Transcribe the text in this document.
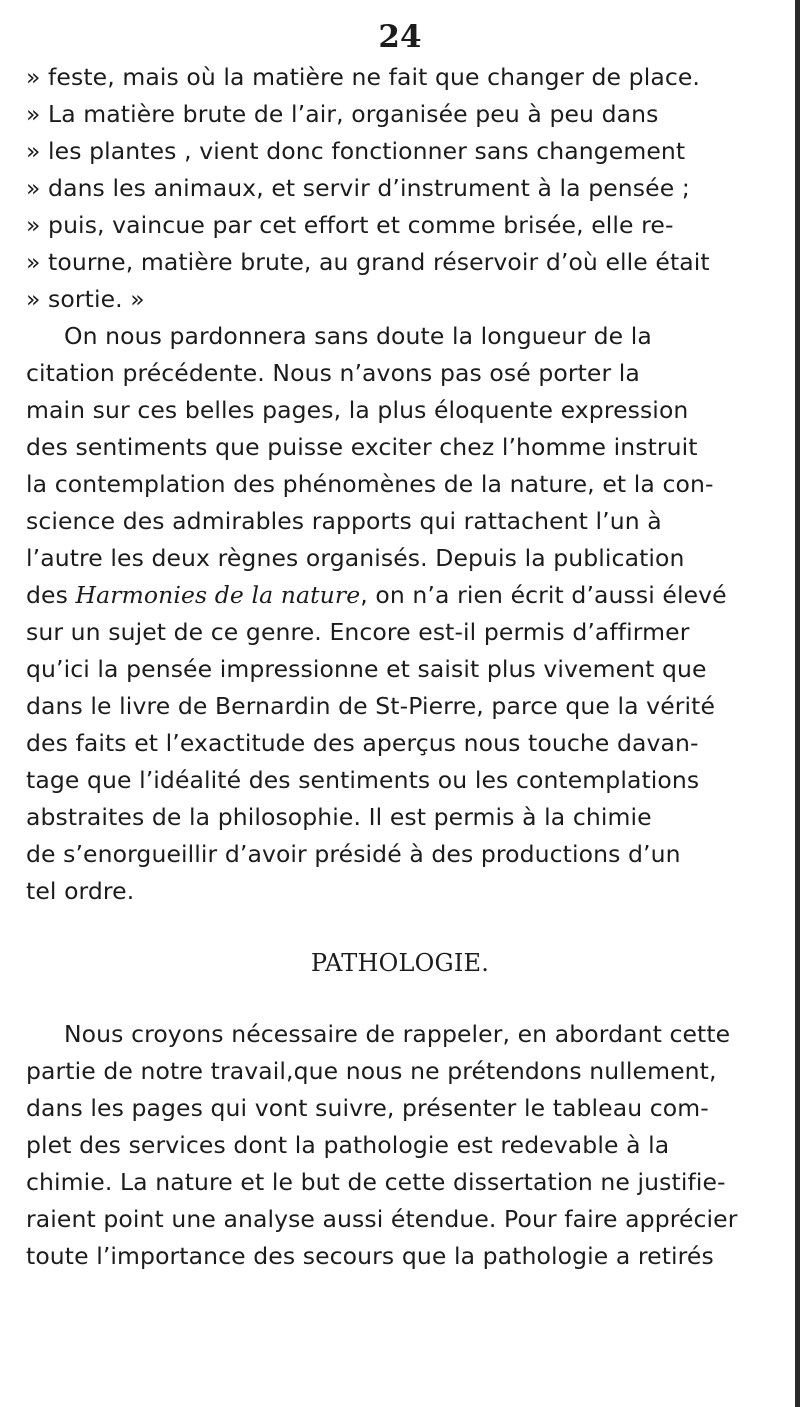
24
» feste, mais où la matière ne fait que changer de place.
» La matière brute de l’air, organisée peu à peu dans
» les plantes , vient donc fonctionner sans changement
» dans les animaux, et servir d’instrument à la pensée ;
» puis, vaincue par cet effort et comme brisée, elle re-
» tourne, matière brute, au grand réservoir d’où elle était
» sortie. »
On nous pardonnera sans doute la longueur de la
citation précédente. Nous n’avons pas osé porter la
main sur ces belles pages, la plus éloquente expression
des sentiments que puisse exciter chez l’homme instruit
la contemplation des phénomènes de la nature, et la con-
science des admirables rapports qui rattachent l’un à
l’autre les deux règnes organisés. Depuis la publication
des Harmonies de la nature, on n’a rien écrit d’aussi élevé
sur un sujet de ce genre. Encore est-il permis d’affirmer
qu’ici la pensée impressionne et saisit plus vivement que
dans le livre de Bernardin de St-Pierre, parce que la vérité
des faits et l’exactitude des aperçus nous touche davan-
tage que l’idéalité des sentiments ou les contemplations
abstraites de la philosophie. Il est permis à la chimie
de s’enorgueillir d’avoir présidé à des productions d’un
tel ordre.
PATHOLOGIE.
Nous croyons nécessaire de rappeler, en abordant cette
partie de notre travail,que nous ne prétendons nullement,
dans les pages qui vont suivre, présenter le tableau com-
plet des services dont la pathologie est redevable à la
chimie. La nature et le but de cette dissertation ne justifie-
raient point une analyse aussi étendue. Pour faire apprécier
toute l’importance des secours que la pathologie a retirés
